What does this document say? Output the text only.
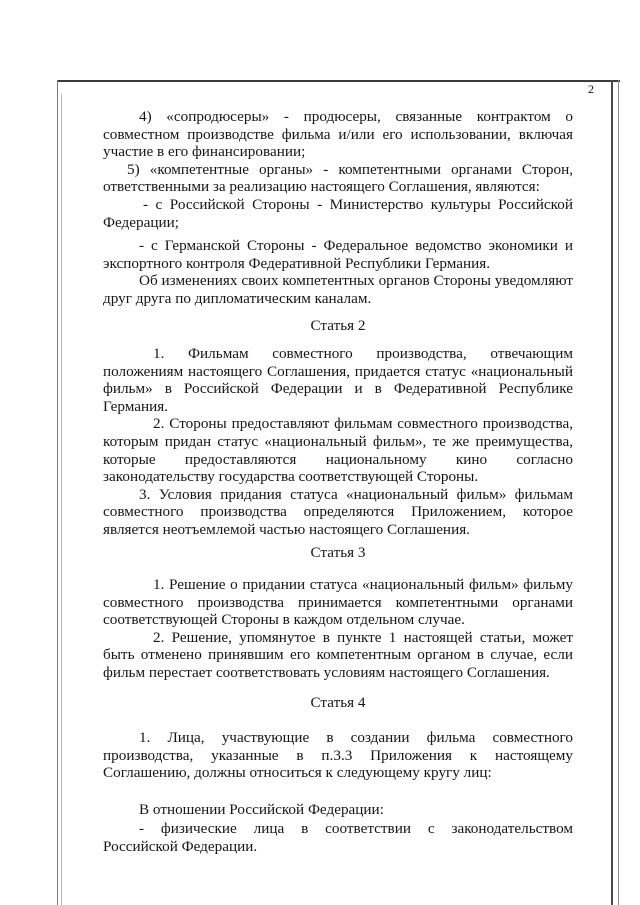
2

4) «сопродюсеры» - продюсеры, связанные контрактом о совместном производстве фильма и/или его использовании, включая участие в его финансировании;

5) «компетентные органы» - компетентными органами Сторон, ответственными за реализацию настоящего Соглашения, являются:

- с Российской Стороны - Министерство культуры Российской Федерации;

- с Германской Стороны - Федеральное ведомство экономики и экспортного контроля Федеративной Республики Германия.

Об изменениях своих компетентных органов Стороны уведомляют друг друга по дипломатическим каналам.

Статья 2

1. Фильмам совместного производства, отвечающим положениям настоящего Соглашения, придается статус «национальный фильм» в Российской Федерации и в Федеративной Республике Германия.

2. Стороны предоставляют фильмам совместного производства, которым придан статус «национальный фильм», те же преимущества, которые предоставляются национальному кино согласно законодательству государства соответствующей Стороны.

3. Условия придания статуса «национальный фильм» фильмам совместного производства определяются Приложением, которое является неотъемлемой частью настоящего Соглашения.

Статья 3

1. Решение о придании статуса «национальный фильм» фильму совместного производства принимается компетентными органами соответствующей Стороны в каждом отдельном случае.

2. Решение, упомянутое в пункте 1 настоящей статьи, может быть отменено принявшим его компетентным органом в случае, если фильм перестает соответствовать условиям настоящего Соглашения.

Статья 4

1. Лица, участвующие в создании фильма совместного производства, указанные в п.3.3 Приложения к настоящему Соглашению, должны относиться к следующему кругу лиц:

В отношении Российской Федерации:

- физические лица в соответствии с законодательством Российской Федерации.
